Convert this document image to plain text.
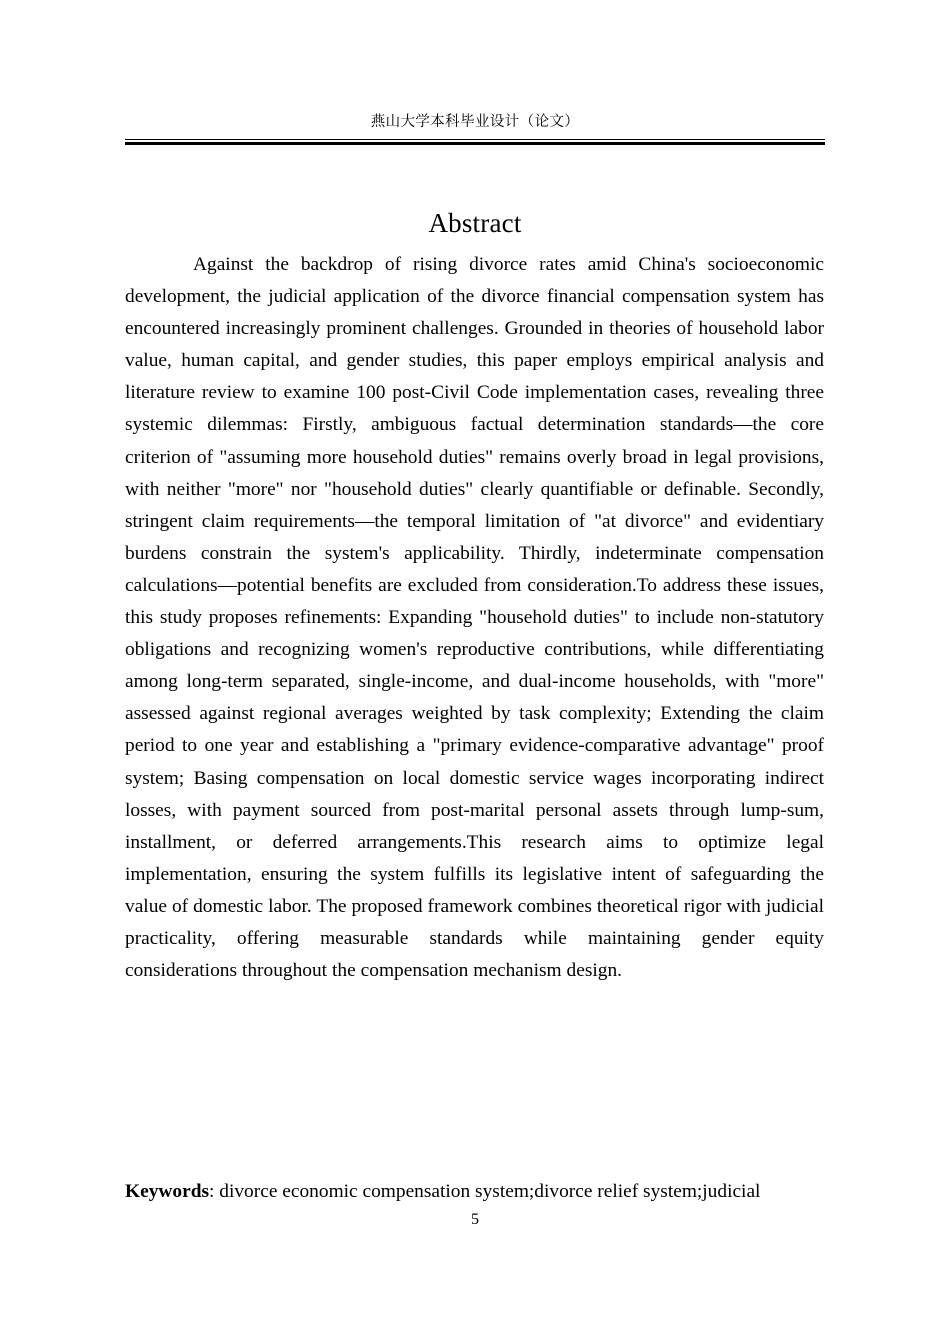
燕山大学本科毕业设计（论文）
Abstract

Against the backdrop of rising divorce rates amid China's socioeconomic development, the judicial application of the divorce financial compensation system has encountered increasingly prominent challenges. Grounded in theories of household labor value, human capital, and gender studies, this paper employs empirical analysis and literature review to examine 100 post-Civil Code implementation cases, revealing three systemic dilemmas: Firstly, ambiguous factual determination standards—the core criterion of "assuming more household duties" remains overly broad in legal provisions, with neither "more" nor "household duties" clearly quantifiable or definable. Secondly, stringent claim requirements—the temporal limitation of "at divorce" and evidentiary burdens constrain the system's applicability. Thirdly, indeterminate compensation calculations—potential benefits are excluded from consideration.To address these issues, this study proposes refinements: Expanding "household duties" to include non-statutory obligations and recognizing women's reproductive contributions, while differentiating among long-term separated, single-income, and dual-income households, with "more" assessed against regional averages weighted by task complexity; Extending the claim period to one year and establishing a "primary evidence-comparative advantage" proof system; Basing compensation on local domestic service wages incorporating indirect losses, with payment sourced from post-marital personal assets through lump-sum, installment, or deferred arrangements.This research aims to optimize legal implementation, ensuring the system fulfills its legislative intent of safeguarding the value of domestic labor. The proposed framework combines theoretical rigor with judicial practicality, offering measurable standards while maintaining gender equity considerations throughout the compensation mechanism design.

Keywords: divorce economic compensation system;divorce relief system;judicial

5
